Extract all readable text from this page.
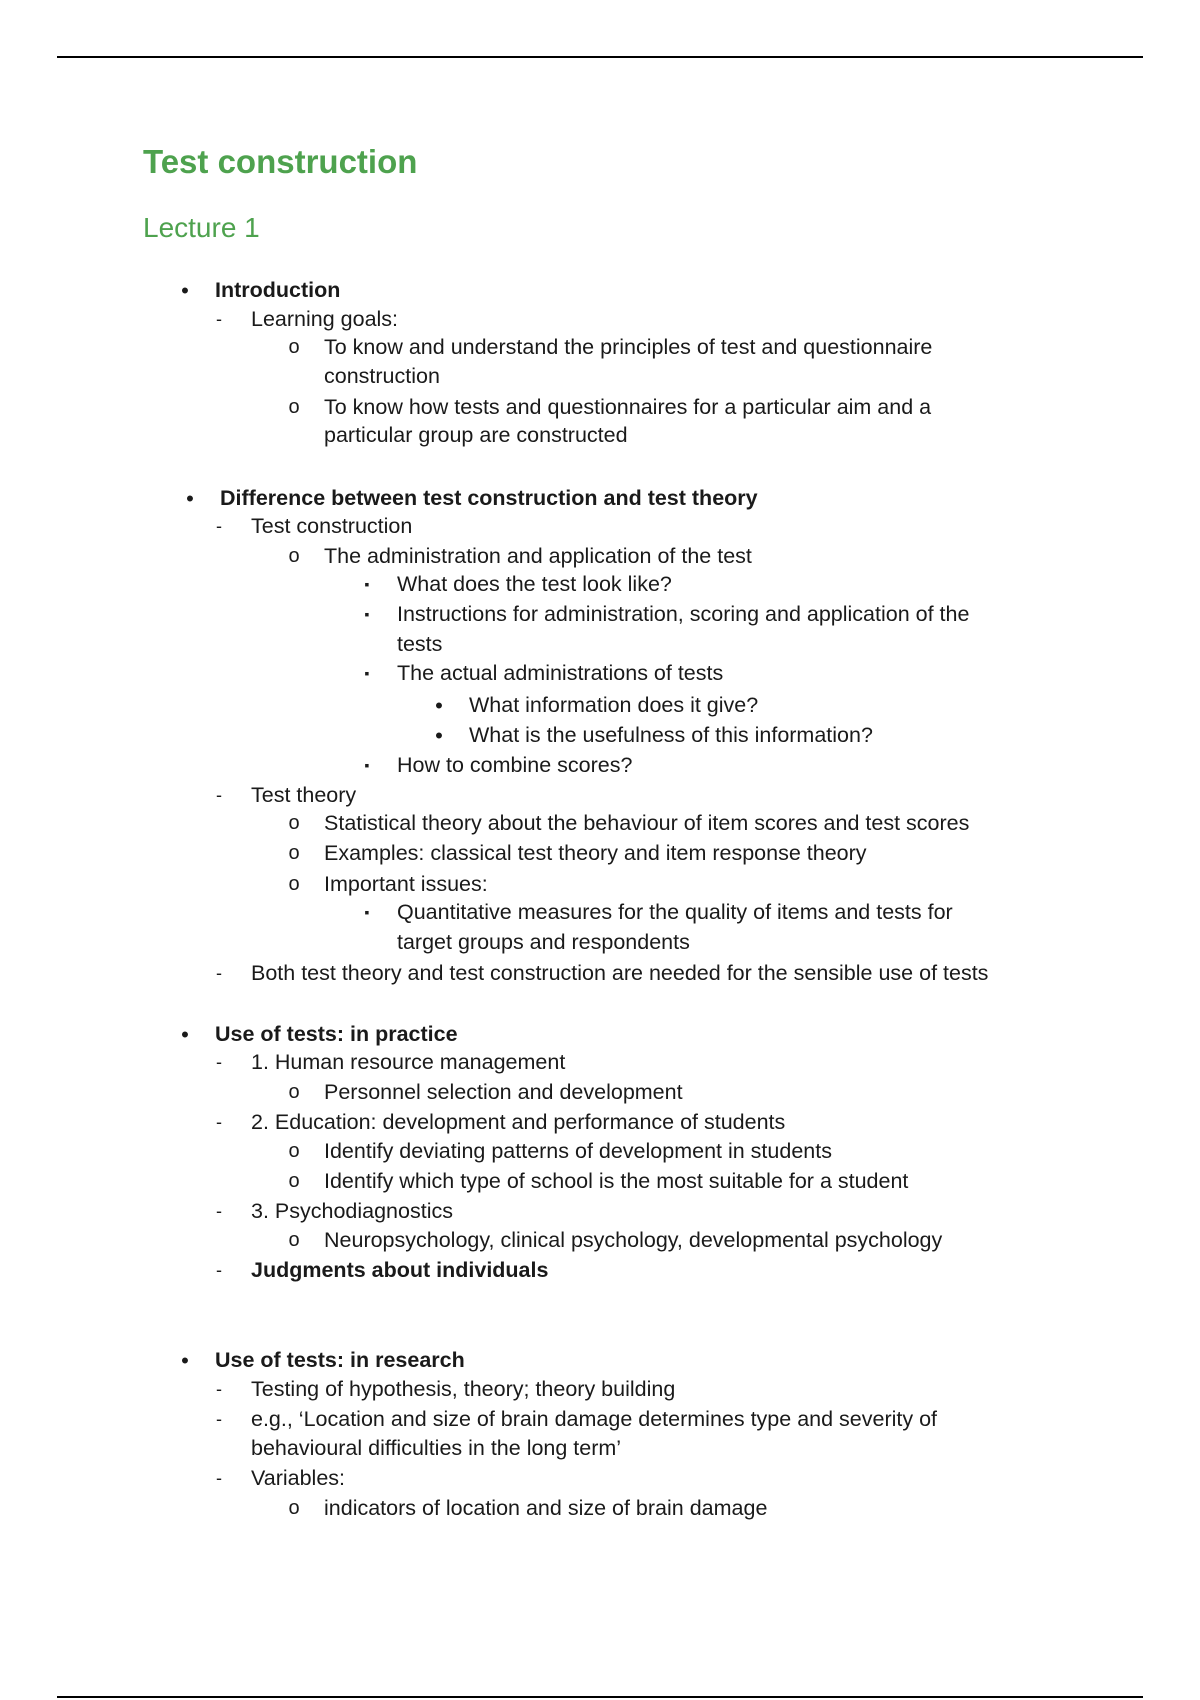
Test construction
Lecture 1
• Introduction
-	Learning goals:
o To know and understand the principles of test and questionnaire
construction
o To know how tests and questionnaires for a particular aim and a
particular group are constructed
• Difference between test construction and test theory
-	Test construction
o The administration and application of the test
▪	What does the test look like?
▪	Instructions for administration, scoring and application of the
tests
▪	The actual administrations of tests
• What information does it give?
• What is the usefulness of this information?
▪	How to combine scores?
-	Test theory
o Statistical theory about the behaviour of item scores and test scores
o Examples: classical test theory and item response theory
o Important issues:
▪	Quantitative measures for the quality of items and tests for
target groups and respondents
-	Both test theory and test construction are needed for the sensible use of tests
• Use of tests: in practice
-	1. Human resource management
o Personnel selection and development
-	2. Education: development and performance of students
o Identify deviating patterns of development in students
o Identify which type of school is the most suitable for a student
-	3. Psychodiagnostics
o Neuropsychology, clinical psychology, developmental psychology
-	Judgments about individuals
• Use of tests: in research
-	Testing of hypothesis, theory; theory building
-	e.g., ‘Location and size of brain damage determines type and severity of
behavioural difficulties in the long term’
-	Variables:
o indicators of location and size of brain damage
